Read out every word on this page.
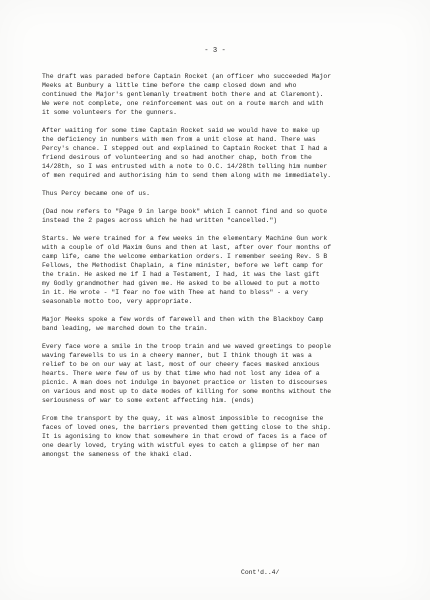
- 3 -

The draft was paraded before Captain Rocket (an officer who succeeded Major
Meeks at Bunbury a little time before the camp closed down and who
continued the Major's gentlemanly treatment both there and at Claremont).
We were not complete, one reinforcement was out on a route march and with
it some volunteers for the gunners.

After waiting for some time Captain Rocket said we would have to make up
the deficiency in numbers with men from a unit close at hand. There was
Percy's chance. I stepped out and explained to Captain Rocket that I had a
friend desirous of volunteering and so had another chap, both from the
14/28th, so I was entrusted with a note to O.C. 14/28th telling him number
of men required and authorising him to send them along with me immediately.

Thus Percy became one of us.

(Dad now refers to "Page 9 in large book" which I cannot find and so quote
instead the 2 pages across which he had written "cancelled.")

Starts. We were trained for a few weeks in the elementary Machine Gun work
with a couple of old Maxim Guns and then at last, after over four months of
camp life, came the welcome embarkation orders. I remember seeing Rev. S B
Fellows, the Methodist Chaplain, a fine minister, before we left camp for
the train. He asked me if I had a Testament, I had, it was the last gift
my Godly grandmother had given me. He asked to be allowed to put a motto
in it. He wrote - "I fear no foe with Thee at hand to bless" - a very
seasonable motto too, very appropriate.

Major Meeks spoke a few words of farewell and then with the Blackboy Camp
band leading, we marched down to the train.

Every face wore a smile in the troop train and we waved greetings to people
waving farewells to us in a cheery manner, but I think though it was a
relief to be on our way at last, most of our cheery faces masked anxious
hearts. There were few of us by that time who had not lost any idea of a
picnic. A man does not indulge in bayonet practice or listen to discourses
on various and most up to date modes of killing for some months without the
seriousness of war to some extent affecting him. (ends)

From the transport by the quay, it was almost impossible to recognise the
faces of loved ones, the barriers prevented them getting close to the ship.
It is agonising to know that somewhere in that crowd of faces is a face of
one dearly loved, trying with wistful eyes to catch a glimpse of her man
amongst the sameness of the khaki clad.

Cont'd..4/
